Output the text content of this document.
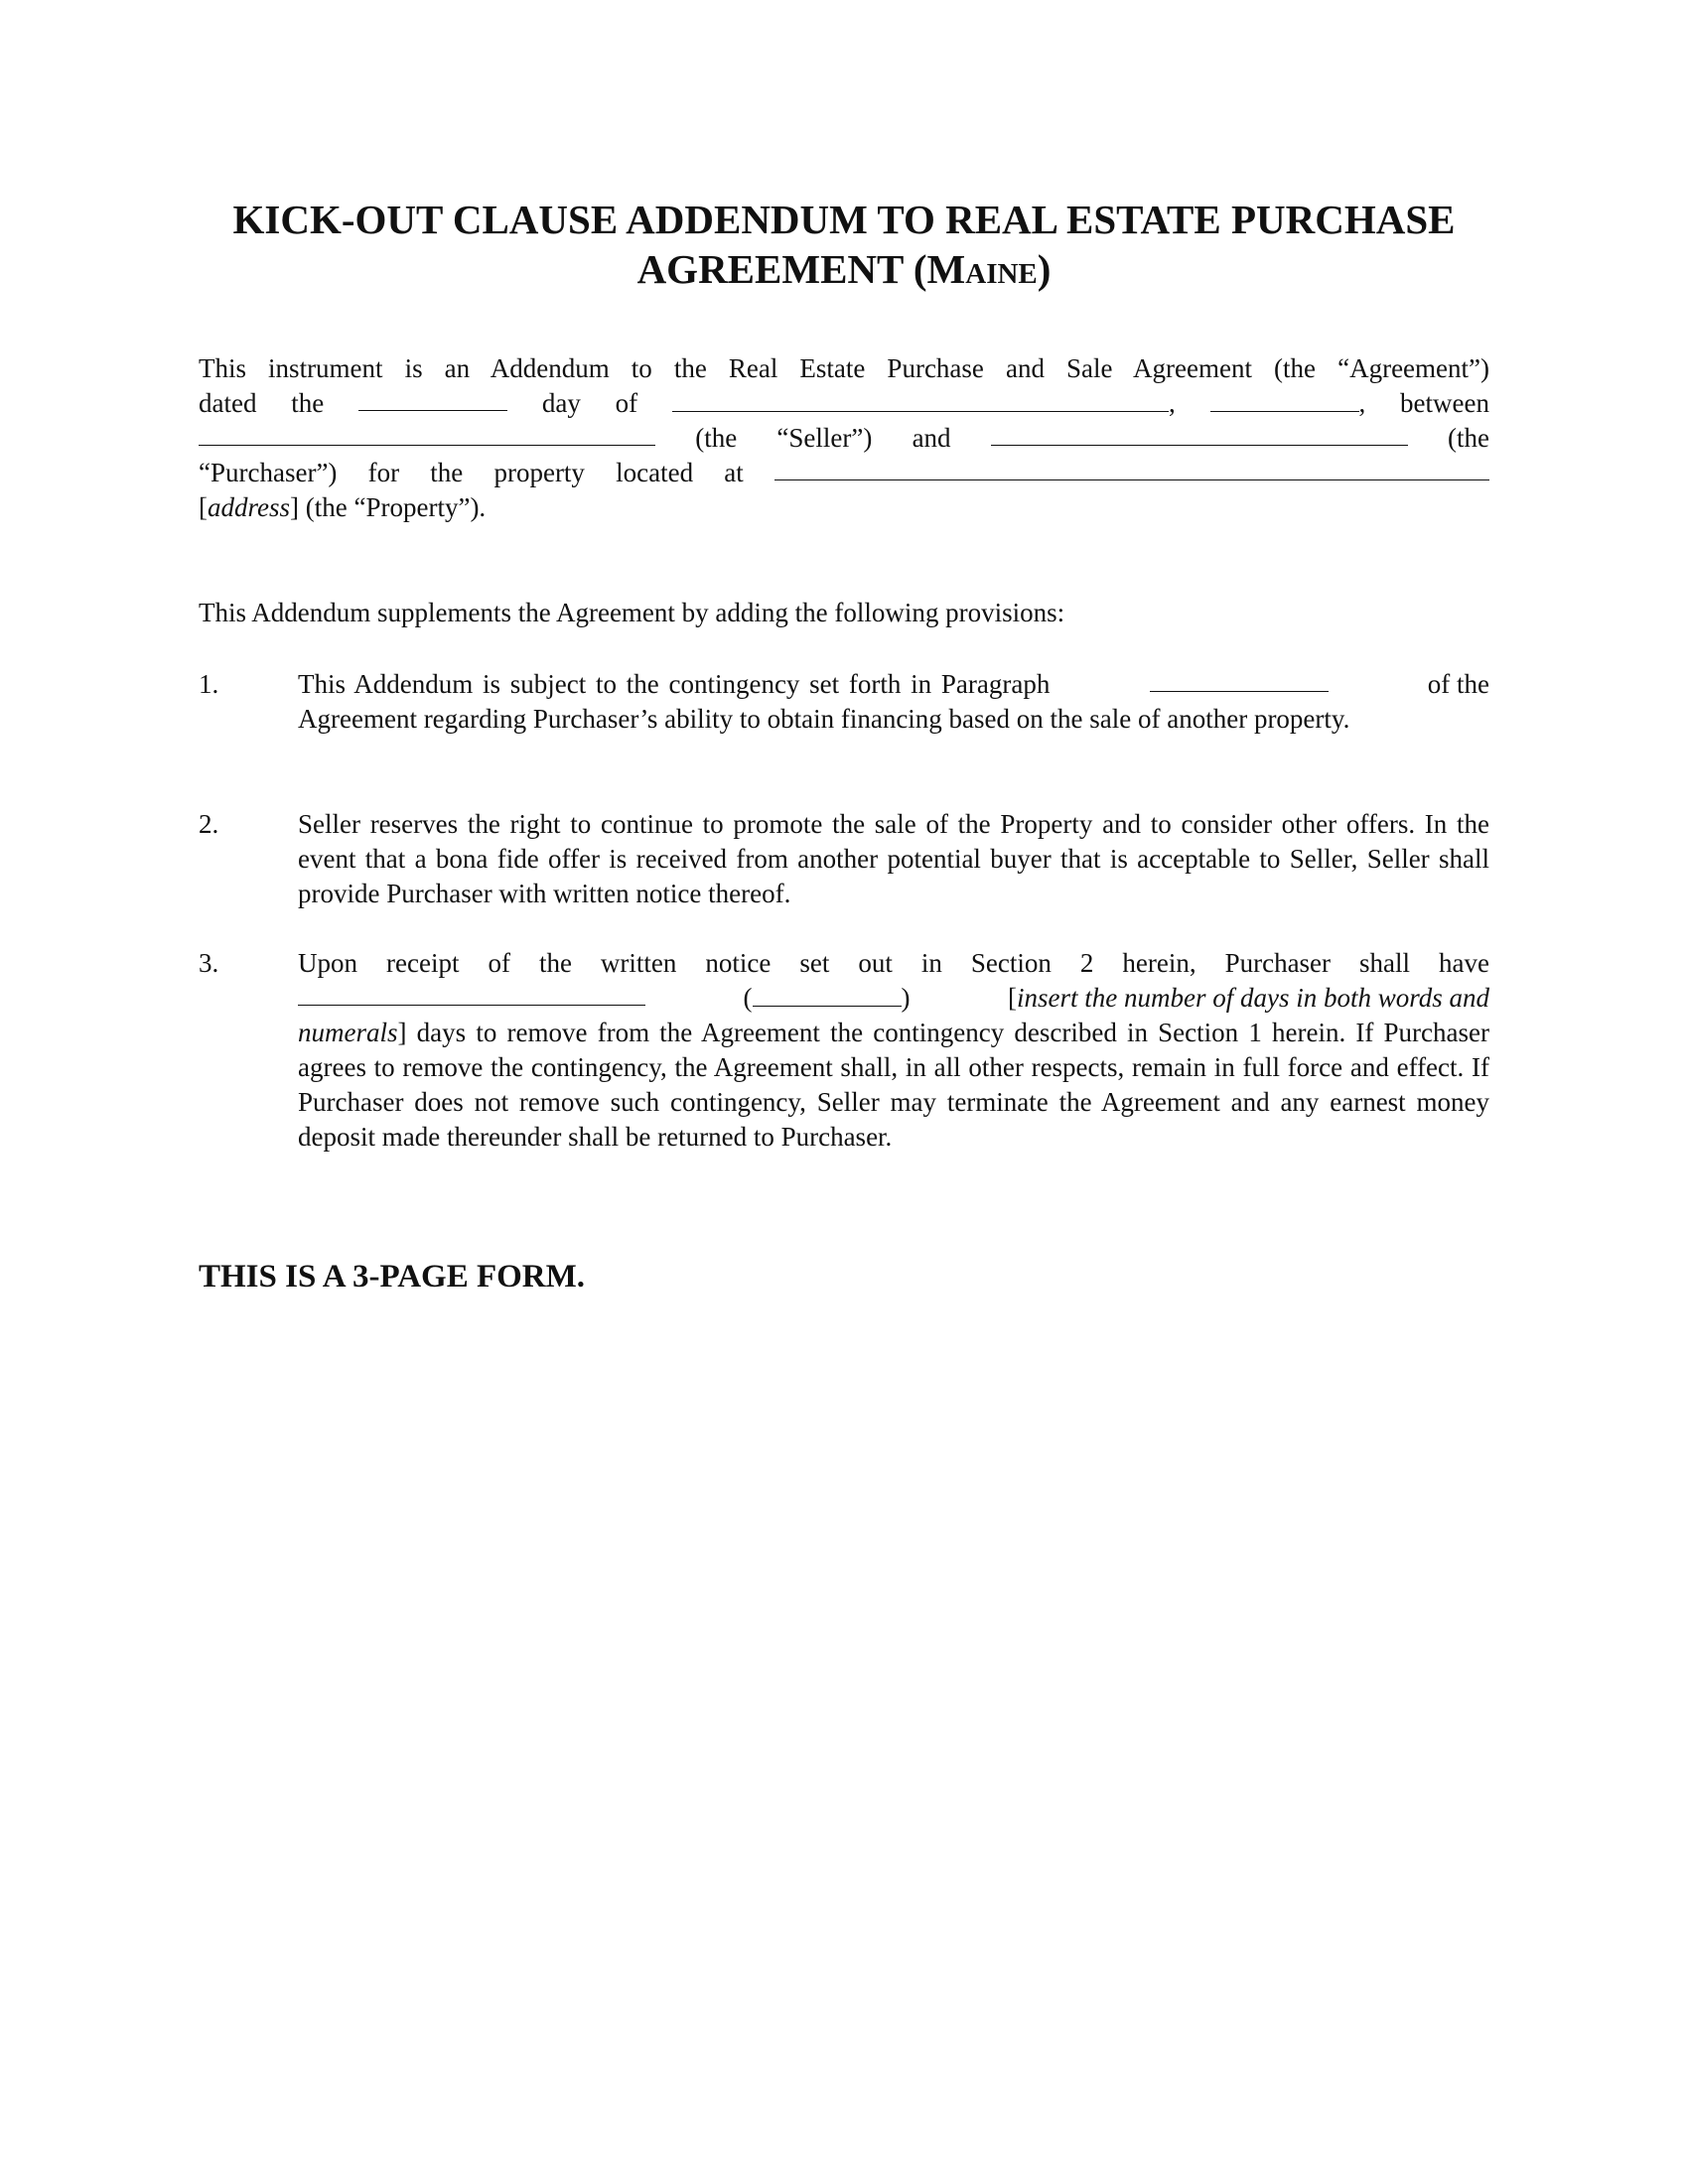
KICK-OUT CLAUSE ADDENDUM TO REAL ESTATE PURCHASE
AGREEMENT (Maine)
This instrument is an Addendum to the Real Estate Purchase and Sale Agreement (the “Agreement”)
dated the	day of	,	, between
(the “Seller”) and	(the
“Purchaser”) for the property located at
[address] (the “Property”).
This Addendum supplements the Agreement by adding the following provisions:
1.	This Addendum is subject to the contingency set forth in Paragraph	of the
Agreement regarding Purchaser’s ability to obtain financing based on the sale of another property.
2.	Seller reserves the right to continue to promote the sale of the Property and to consider other offers. In the event that a bona fide offer is received from another potential buyer that is acceptable to Seller, Seller shall provide Purchaser with written notice thereof.
3.	Upon receipt of the written notice set out in Section 2 herein, Purchaser shall have
(	)	[insert the number of days in both words and
numerals] days to remove from the Agreement the contingency described in Section 1 herein. If Purchaser agrees to remove the contingency, the Agreement shall, in all other respects, remain in full force and effect. If Purchaser does not remove such contingency, Seller may terminate the Agreement and any earnest money deposit made thereunder shall be returned to Purchaser.
THIS IS A 3-PAGE FORM.
